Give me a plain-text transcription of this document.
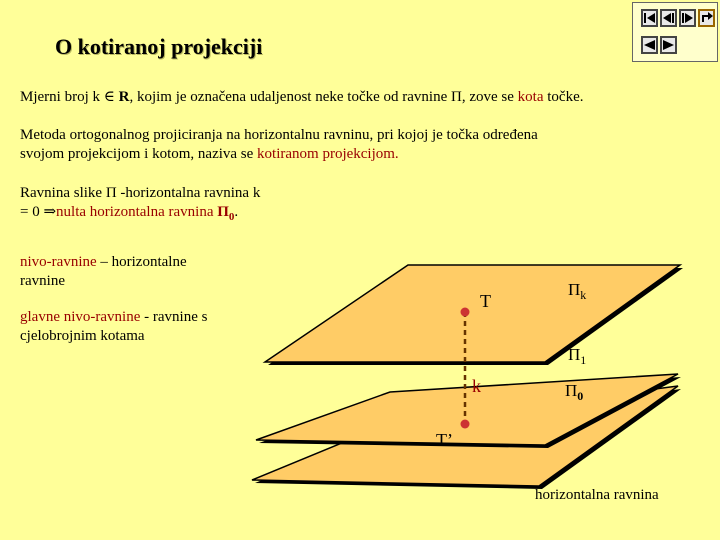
O kotiranoj projekciji

Mjerni broj k ∈ R, kojim je označena udaljenost neke točke od ravnine Π, zove se kota točke.

Metoda ortogonalnog projiciranja na horizontalnu ravninu, pri kojoj je točka određena
svojom projekcijom i kotom, naziva se kotiranom projekcijom.

Ravnina slike Π -horizontalna ravnina k
= 0 ⇒nulta horizontalna ravnina $\Pi_0$.

nivo-ravnine – horizontalne
ravnine

glavne nivo-ravnine - ravnine s
cjelobrojnim kotama

T
k
T’
$\Pi_k$
$\Pi_1$
$\Pi_0$
horizontalna ravnina
